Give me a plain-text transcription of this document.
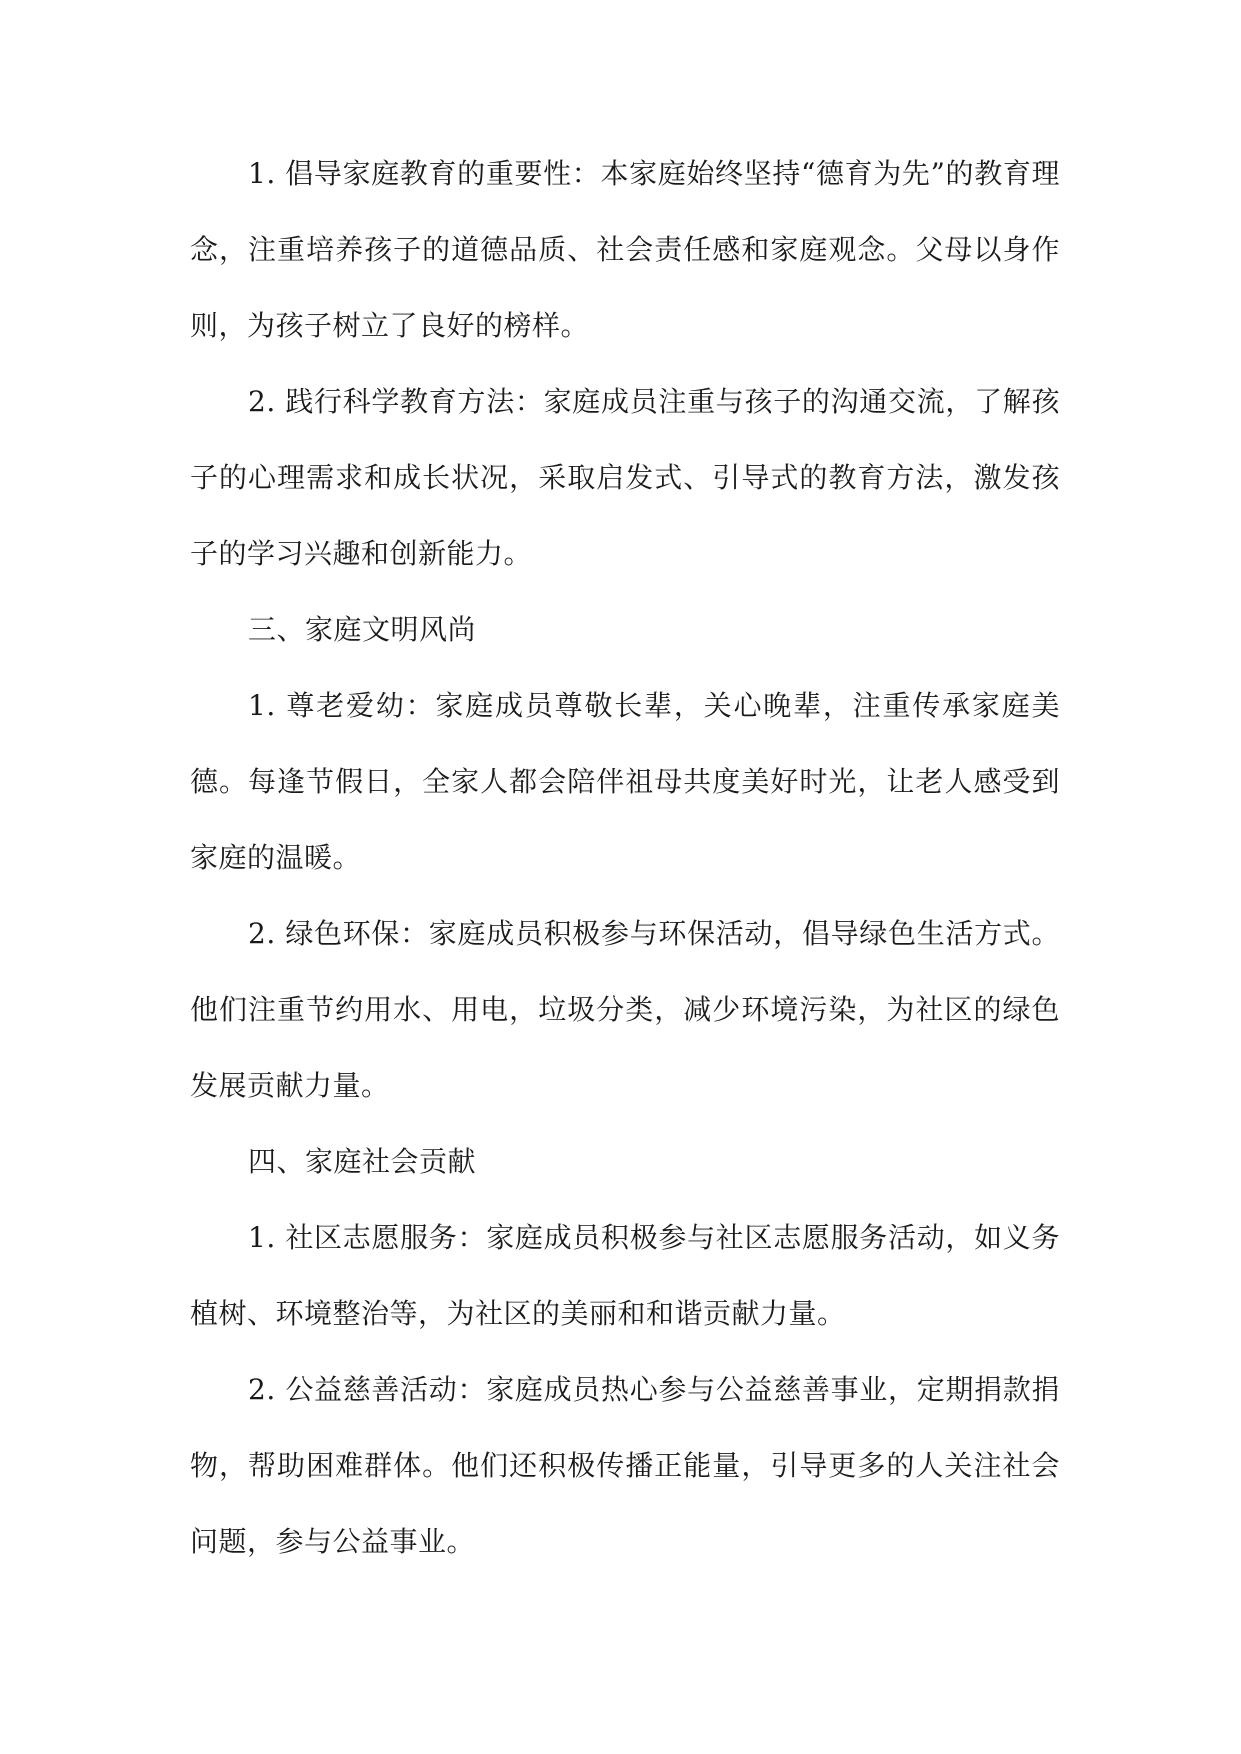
1. 倡导家庭教育的重要性：本家庭始终坚持“德育为先”的教育理念，注重培养孩子的道德品质、社会责任感和家庭观念。父母以身作则，为孩子树立了良好的榜样。

2. 践行科学教育方法：家庭成员注重与孩子的沟通交流，了解孩子的心理需求和成长状况，采取启发式、引导式的教育方法，激发孩子的学习兴趣和创新能力。

三、家庭文明风尚

1. 尊老爱幼：家庭成员尊敬长辈，关心晚辈，注重传承家庭美德。每逢节假日，全家人都会陪伴祖母共度美好时光，让老人感受到家庭的温暖。

2. 绿色环保：家庭成员积极参与环保活动，倡导绿色生活方式。他们注重节约用水、用电，垃圾分类，减少环境污染，为社区的绿色发展贡献力量。

四、家庭社会贡献

1. 社区志愿服务：家庭成员积极参与社区志愿服务活动，如义务植树、环境整治等，为社区的美丽和和谐贡献力量。

2. 公益慈善活动：家庭成员热心参与公益慈善事业，定期捐款捐物，帮助困难群体。他们还积极传播正能量，引导更多的人关注社会问题，参与公益事业。
